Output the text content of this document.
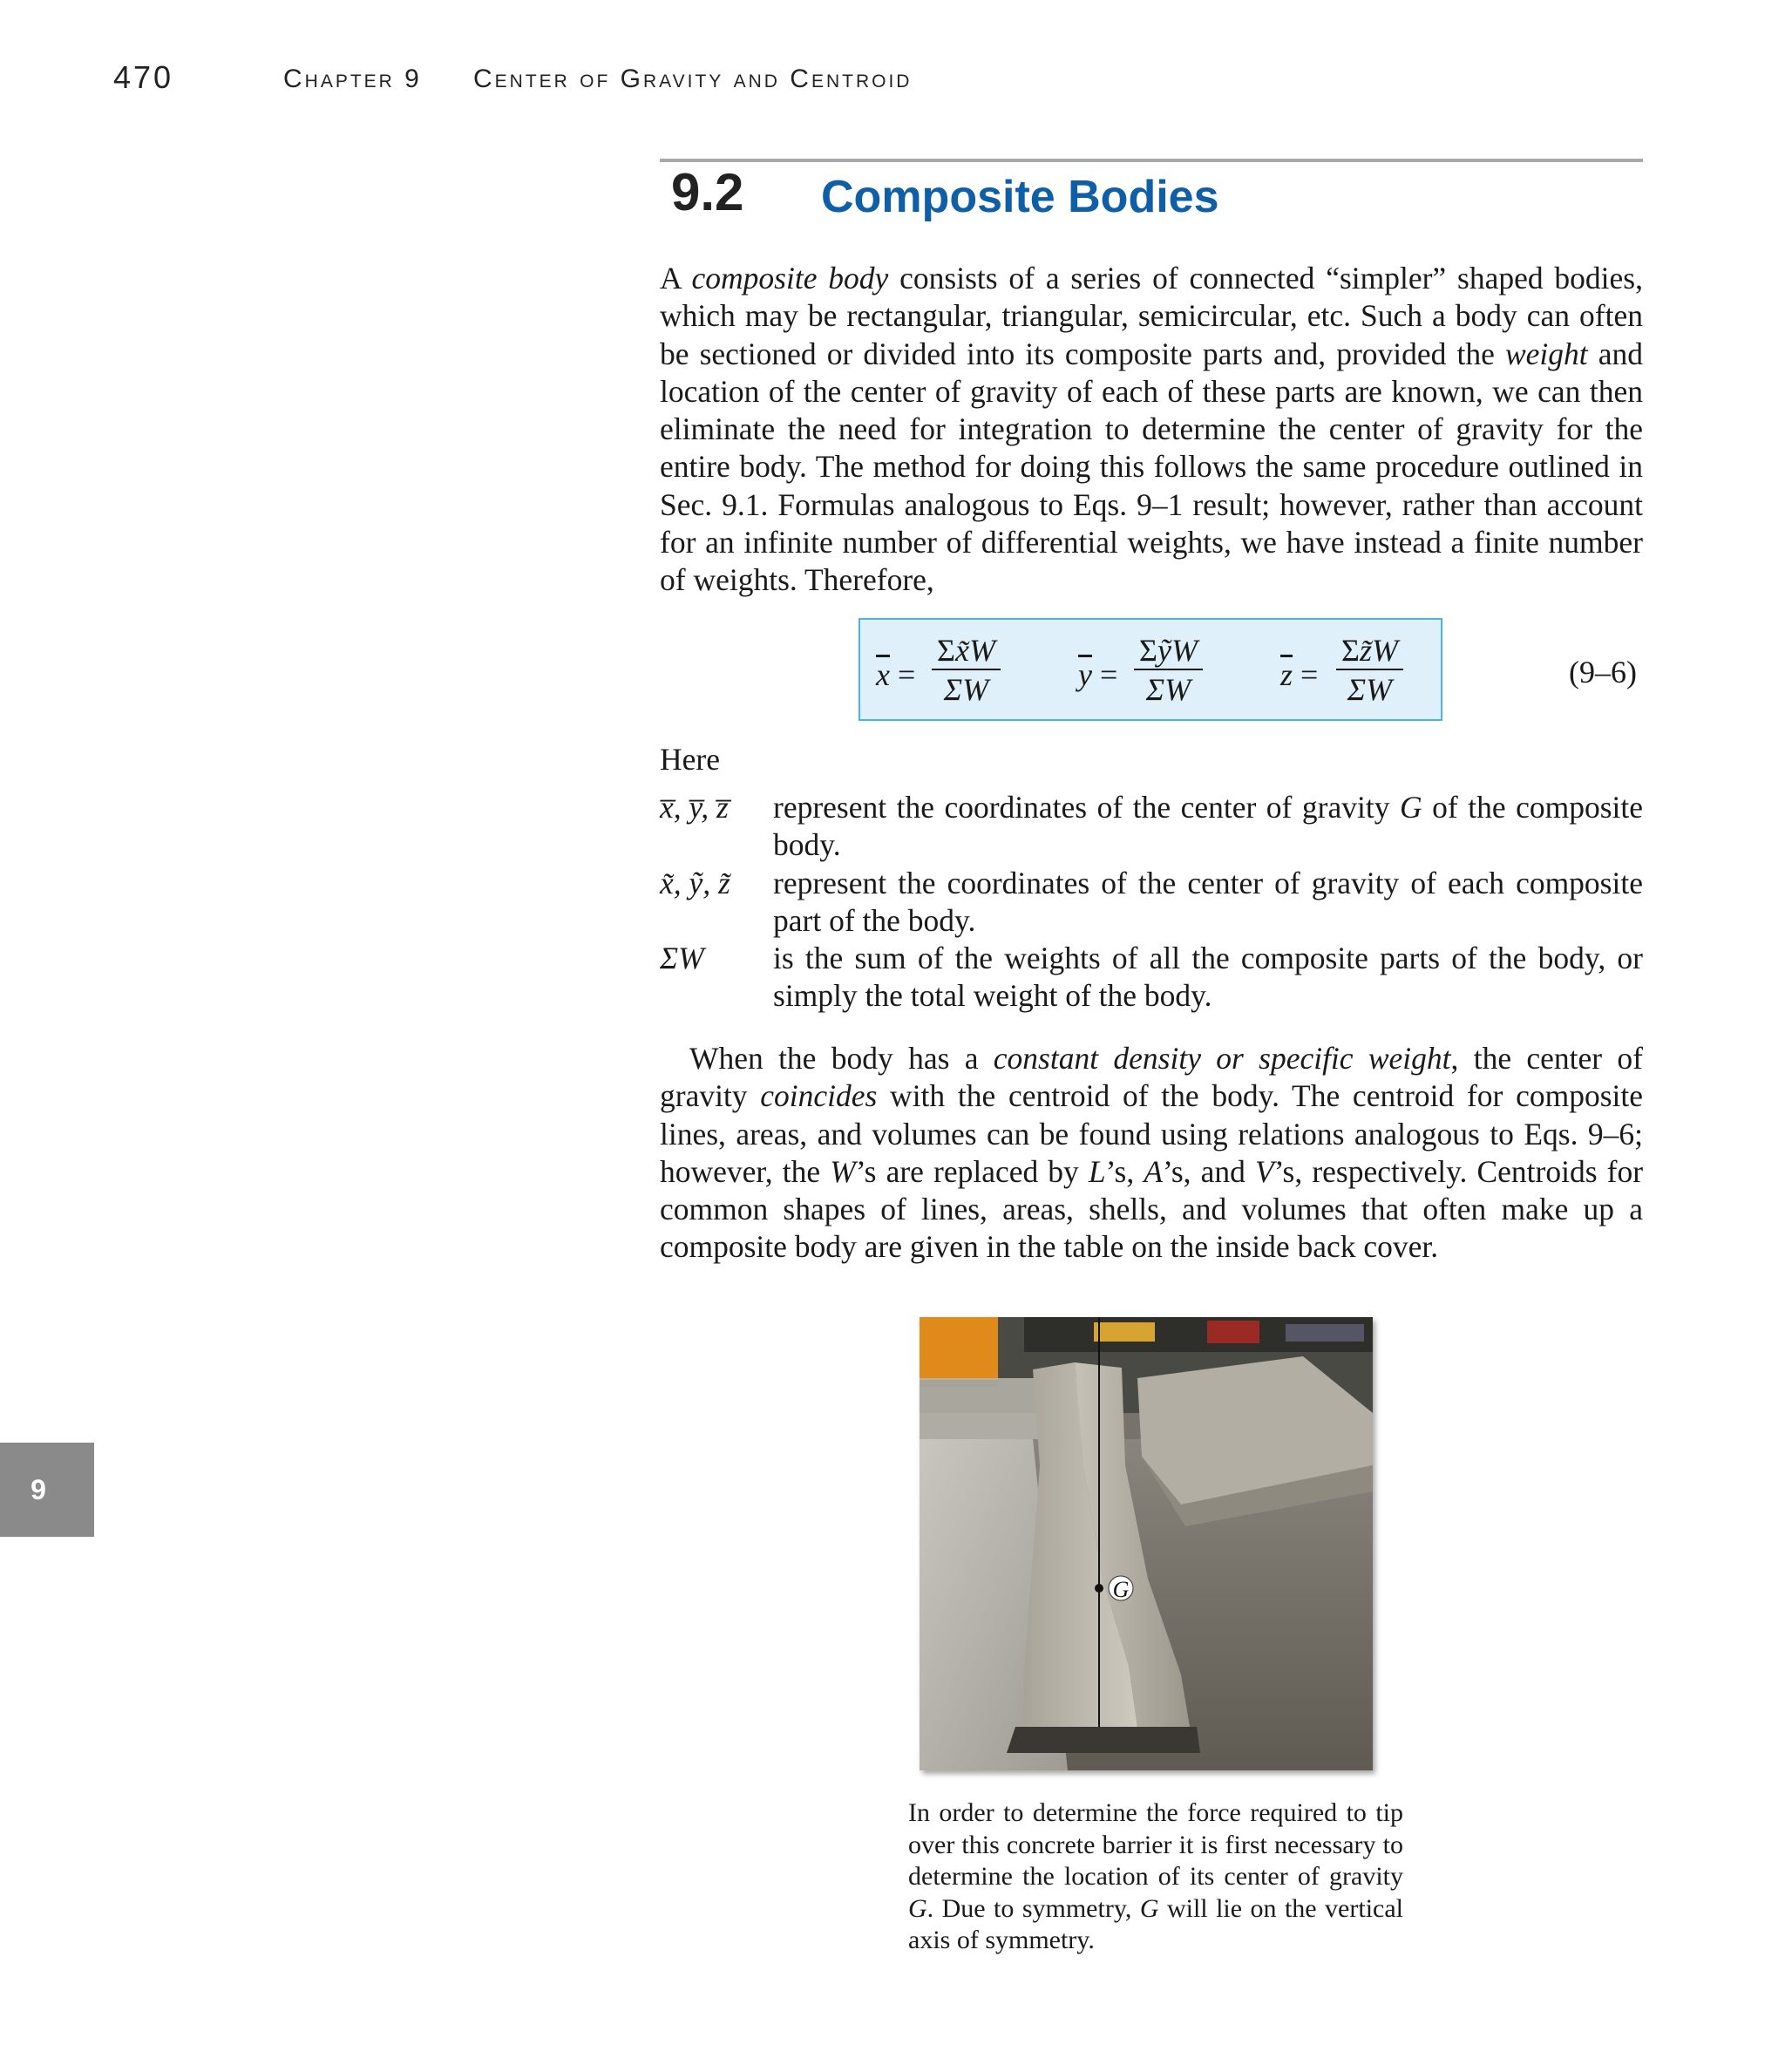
470	Chapter 9 Center of Gravity and Centroid
9.2 Composite Bodies
A composite body consists of a series of connected “simpler” shaped bodies, which may be rectangular, triangular, semicircular, etc. Such a body can often be sectioned or divided into its composite parts and, provided the weight and location of the center of gravity of each of these parts are known, we can then eliminate the need for integration to determine the center of gravity for the entire body. The method for doing this follows the same procedure outlined in Sec. 9.1. Formulas analogous to Eqs. 9–1 result; however, rather than account for an infinite number of differential weights, we have instead a finite number of weights. Therefore,
$\overline{x} = \frac{\Sigma x̃W}{\Sigma W} \overline{y} = \frac{\Sigma ỹW}{\Sigma W} \overline{z} = \frac{\Sigma z̃W}{\Sigma W}$	(9–6)
Here
x̅, y̅, z̅ represent the coordinates of the center of gravity G of the composite body.
x̃, ỹ, z̃ represent the coordinates of the center of gravity of each composite part of the body.
ΣW is the sum of the weights of all the composite parts of the body, or simply the total weight of the body.
When the body has a constant density or specific weight, the center of gravity coincides with the centroid of the body. The centroid for composite lines, areas, and volumes can be found using relations analogous to Eqs. 9–6; however, the W’s are replaced by L’s, A’s, and V’s, respectively. Centroids for common shapes of lines, areas, shells, and volumes that often make up a composite body are given in the table on the inside back cover.
G
In order to determine the force required to tip over this concrete barrier it is first necessary to determine the location of its center of gravity G. Due to symmetry, G will lie on the vertical axis of symmetry.
9
